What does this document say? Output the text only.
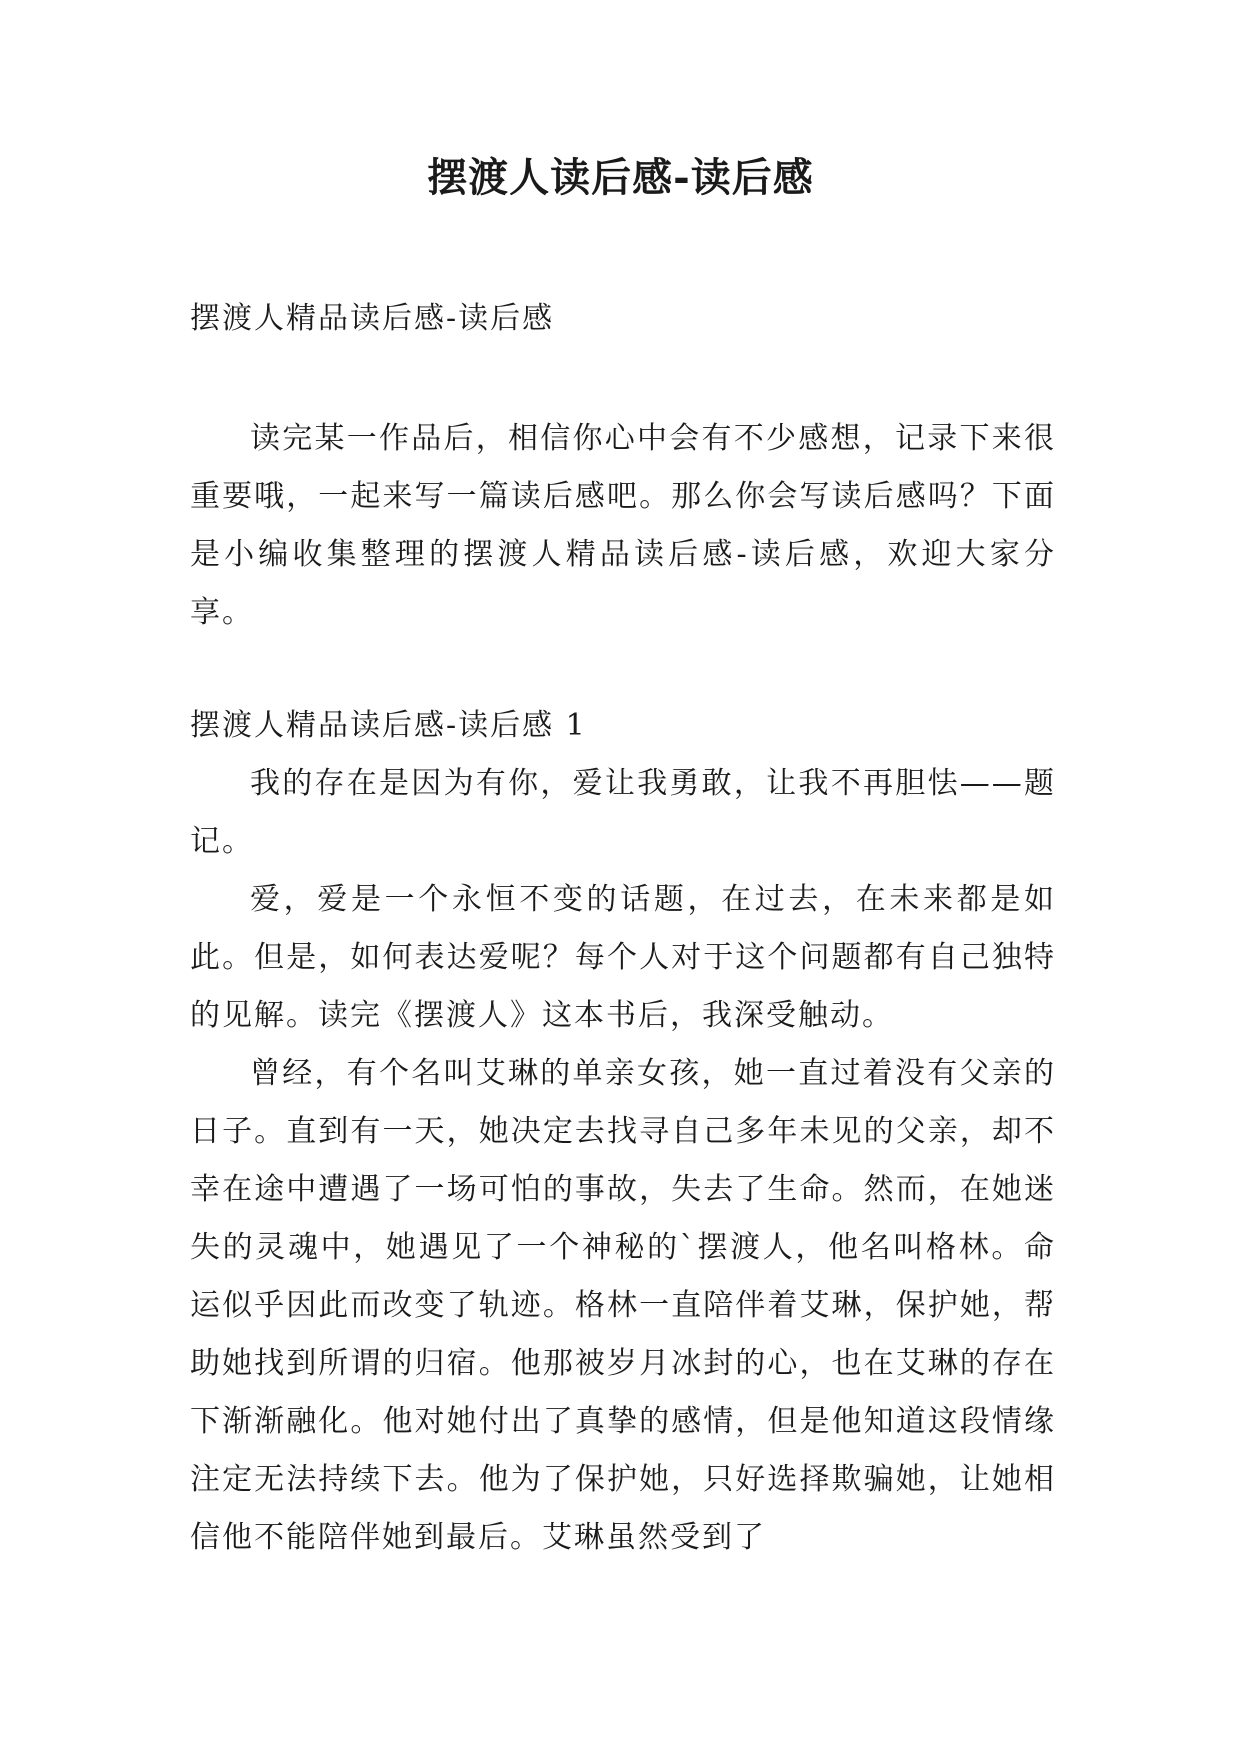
摆渡人读后感-读后感

摆渡人精品读后感-读后感

读完某一作品后，相信你心中会有不少感想，记录下来很重要哦，一起来写一篇读后感吧。那么你会写读后感吗？下面是小编收集整理的摆渡人精品读后感-读后感，欢迎大家分享。

摆渡人精品读后感-读后感 1

我的存在是因为有你，爱让我勇敢，让我不再胆怯——题记。

爱，爱是一个永恒不变的话题，在过去，在未来都是如此。但是，如何表达爱呢？每个人对于这个问题都有自己独特的见解。读完《摆渡人》这本书后，我深受触动。

曾经，有个名叫艾琳的单亲女孩，她一直过着没有父亲的日子。直到有一天，她决定去找寻自己多年未见的父亲，却不幸在途中遭遇了一场可怕的事故，失去了生命。然而，在她迷失的灵魂中，她遇见了一个神秘的`摆渡人，他名叫格林。命运似乎因此而改变了轨迹。格林一直陪伴着艾琳，保护她，帮助她找到所谓的归宿。他那被岁月冰封的心，也在艾琳的存在下渐渐融化。他对她付出了真挚的感情，但是他知道这段情缘注定无法持续下去。他为了保护她，只好选择欺骗她，让她相信他不能陪伴她到最后。艾琳虽然受到了
